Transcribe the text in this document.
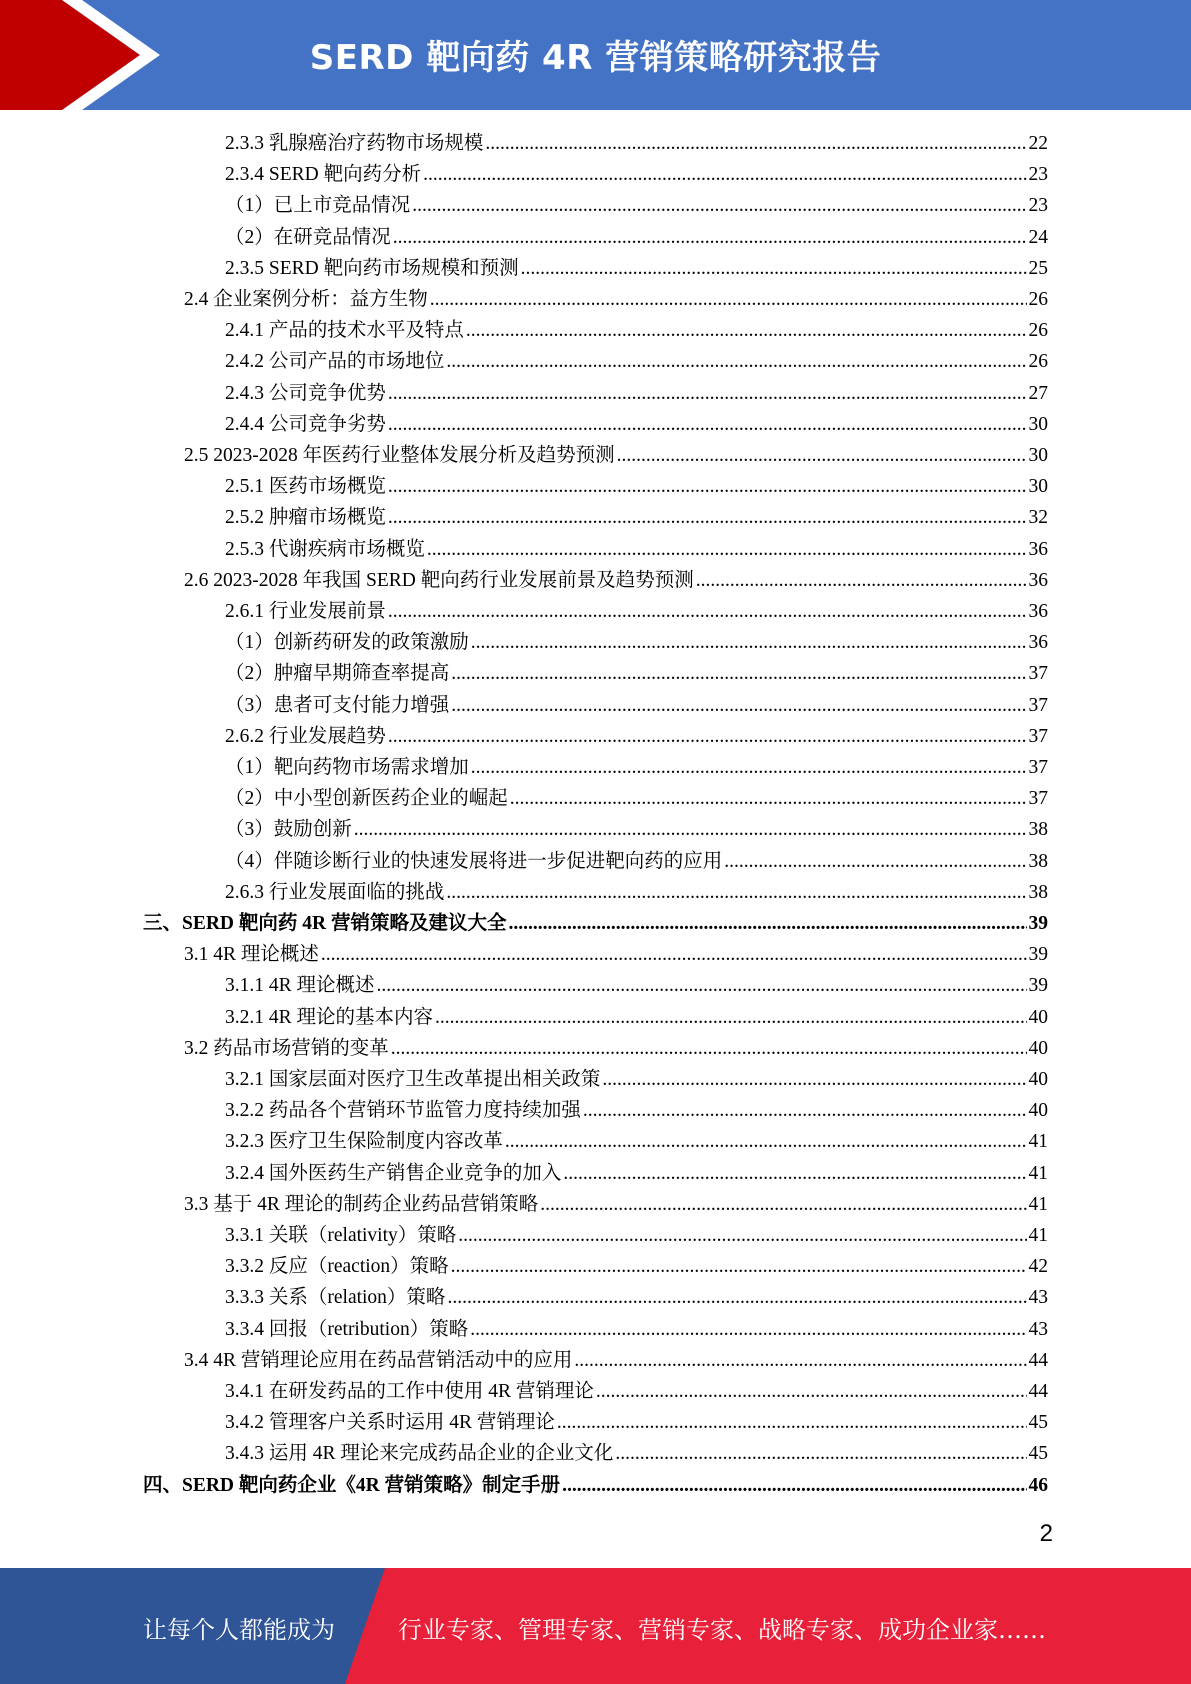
SERD 靶向药 4R 营销策略研究报告
2.3.3 乳腺癌治疗药物市场规模 .....	22
2.3.4 SERD 靶向药分析 .....	23
（1）已上市竞品情况 .....	23
（2）在研竞品情况 .....	24
2.3.5 SERD 靶向药市场规模和预测 .....	25
2.4 企业案例分析：益方生物 .....	26
2.4.1 产品的技术水平及特点 .....	26
2.4.2 公司产品的市场地位 .....	26
2.4.3 公司竞争优势 .....	27
2.4.4 公司竞争劣势 .....	30
2.5 2023-2028 年医药行业整体发展分析及趋势预测 .....	30
2.5.1 医药市场概览 .....	30
2.5.2 肿瘤市场概览 .....	32
2.5.3 代谢疾病市场概览 .....	36
2.6 2023-2028 年我国 SERD 靶向药行业发展前景及趋势预测 .....	36
2.6.1 行业发展前景 .....	36
（1）创新药研发的政策激励 .....	36
（2）肿瘤早期筛查率提高 .....	37
（3）患者可支付能力增强 .....	37
2.6.2 行业发展趋势 .....	37
（1）靶向药物市场需求增加 .....	37
（2）中小型创新医药企业的崛起 .....	37
（3）鼓励创新 .....	38
（4）伴随诊断行业的快速发展将进一步促进靶向药的应用 .....	38
2.6.3 行业发展面临的挑战 .....	38
三、SERD 靶向药 4R 营销策略及建议大全 .....	39
3.1 4R 理论概述 .....	39
3.1.1 4R 理论概述 .....	39
3.2.1 4R 理论的基本内容 .....	40
3.2 药品市场营销的变革 .....	40
3.2.1 国家层面对医疗卫生改革提出相关政策 .....	40
3.2.2 药品各个营销环节监管力度持续加强 .....	40
3.2.3 医疗卫生保险制度内容改革 .....	41
3.2.4 国外医药生产销售企业竞争的加入 .....	41
3.3 基于 4R 理论的制药企业药品营销策略 .....	41
3.3.1 关联（relativity）策略 .....	41
3.3.2 反应（reaction）策略 .....	42
3.3.3 关系（relation）策略 .....	43
3.3.4 回报（retribution）策略 .....	43
3.4 4R 营销理论应用在药品营销活动中的应用 .....	44
3.4.1 在研发药品的工作中使用 4R 营销理论 .....	44
3.4.2 管理客户关系时运用 4R 营销理论 .....	45
3.4.3 运用 4R 理论来完成药品企业的企业文化 .....	45
四、SERD 靶向药企业《4R 营销策略》制定手册 .....	46
2
让每个人都能成为	行业专家、管理专家、营销专家、战略专家、成功企业家……
